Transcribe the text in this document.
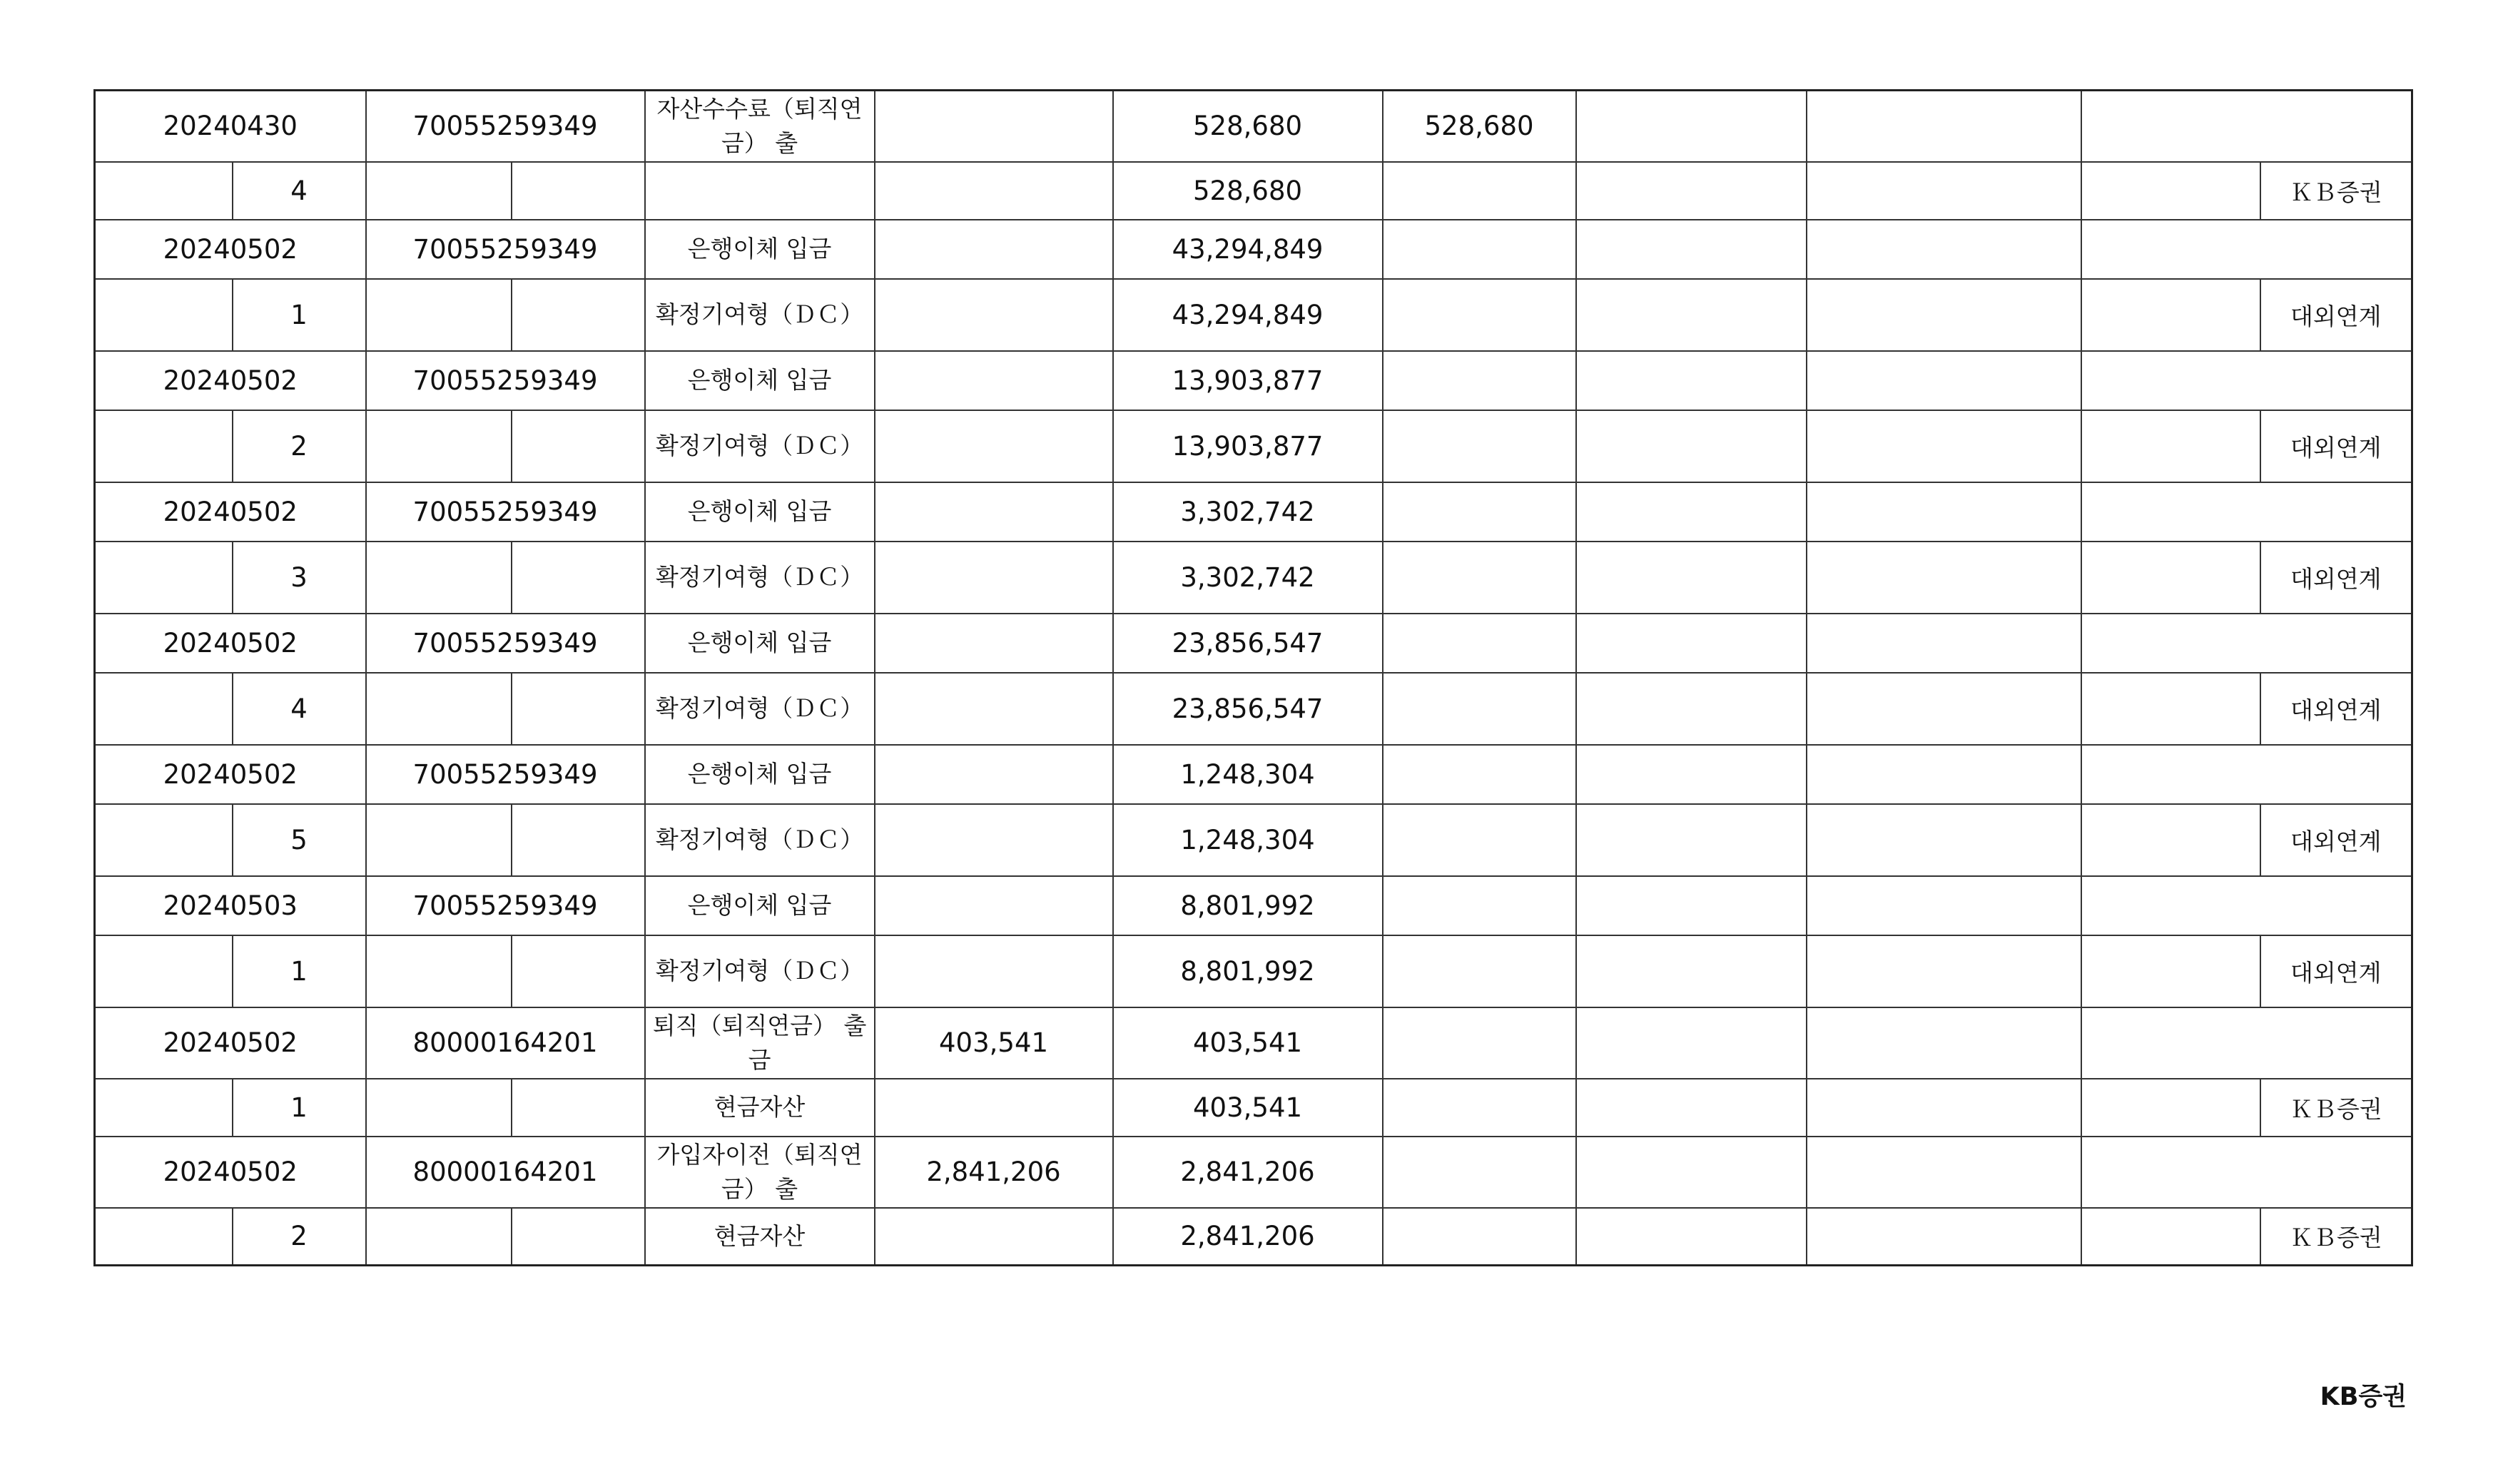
20240430		70055259349		자산수수료（퇴직연금） 출		528,680	528,680				
	4					528,680					ＫＢ증권
20240502		70055259349		은행이체 입금		43,294,849					
	1			확정기여형（ＤＣ）		43,294,849					대외연계
20240502		70055259349		은행이체 입금		13,903,877					
	2			확정기여형（ＤＣ）		13,903,877					대외연계
20240502		70055259349		은행이체 입금		3,302,742					
	3			확정기여형（ＤＣ）		3,302,742					대외연계
20240502		70055259349		은행이체 입금		23,856,547					
	4			확정기여형（ＤＣ）		23,856,547					대외연계
20240502		70055259349		은행이체 입금		1,248,304					
	5			확정기여형（ＤＣ）		1,248,304					대외연계
20240503		70055259349		은행이체 입금		8,801,992					
	1			확정기여형（ＤＣ）		8,801,992					대외연계
20240502		80000164201		퇴직（퇴직연금） 출금	403,541	403,541					
	1			현금자산		403,541					ＫＢ증권
20240502		80000164201		가입자이전（퇴직연금） 출	2,841,206	2,841,206					
	2			현금자산		2,841,206					ＫＢ증권
KB증권
